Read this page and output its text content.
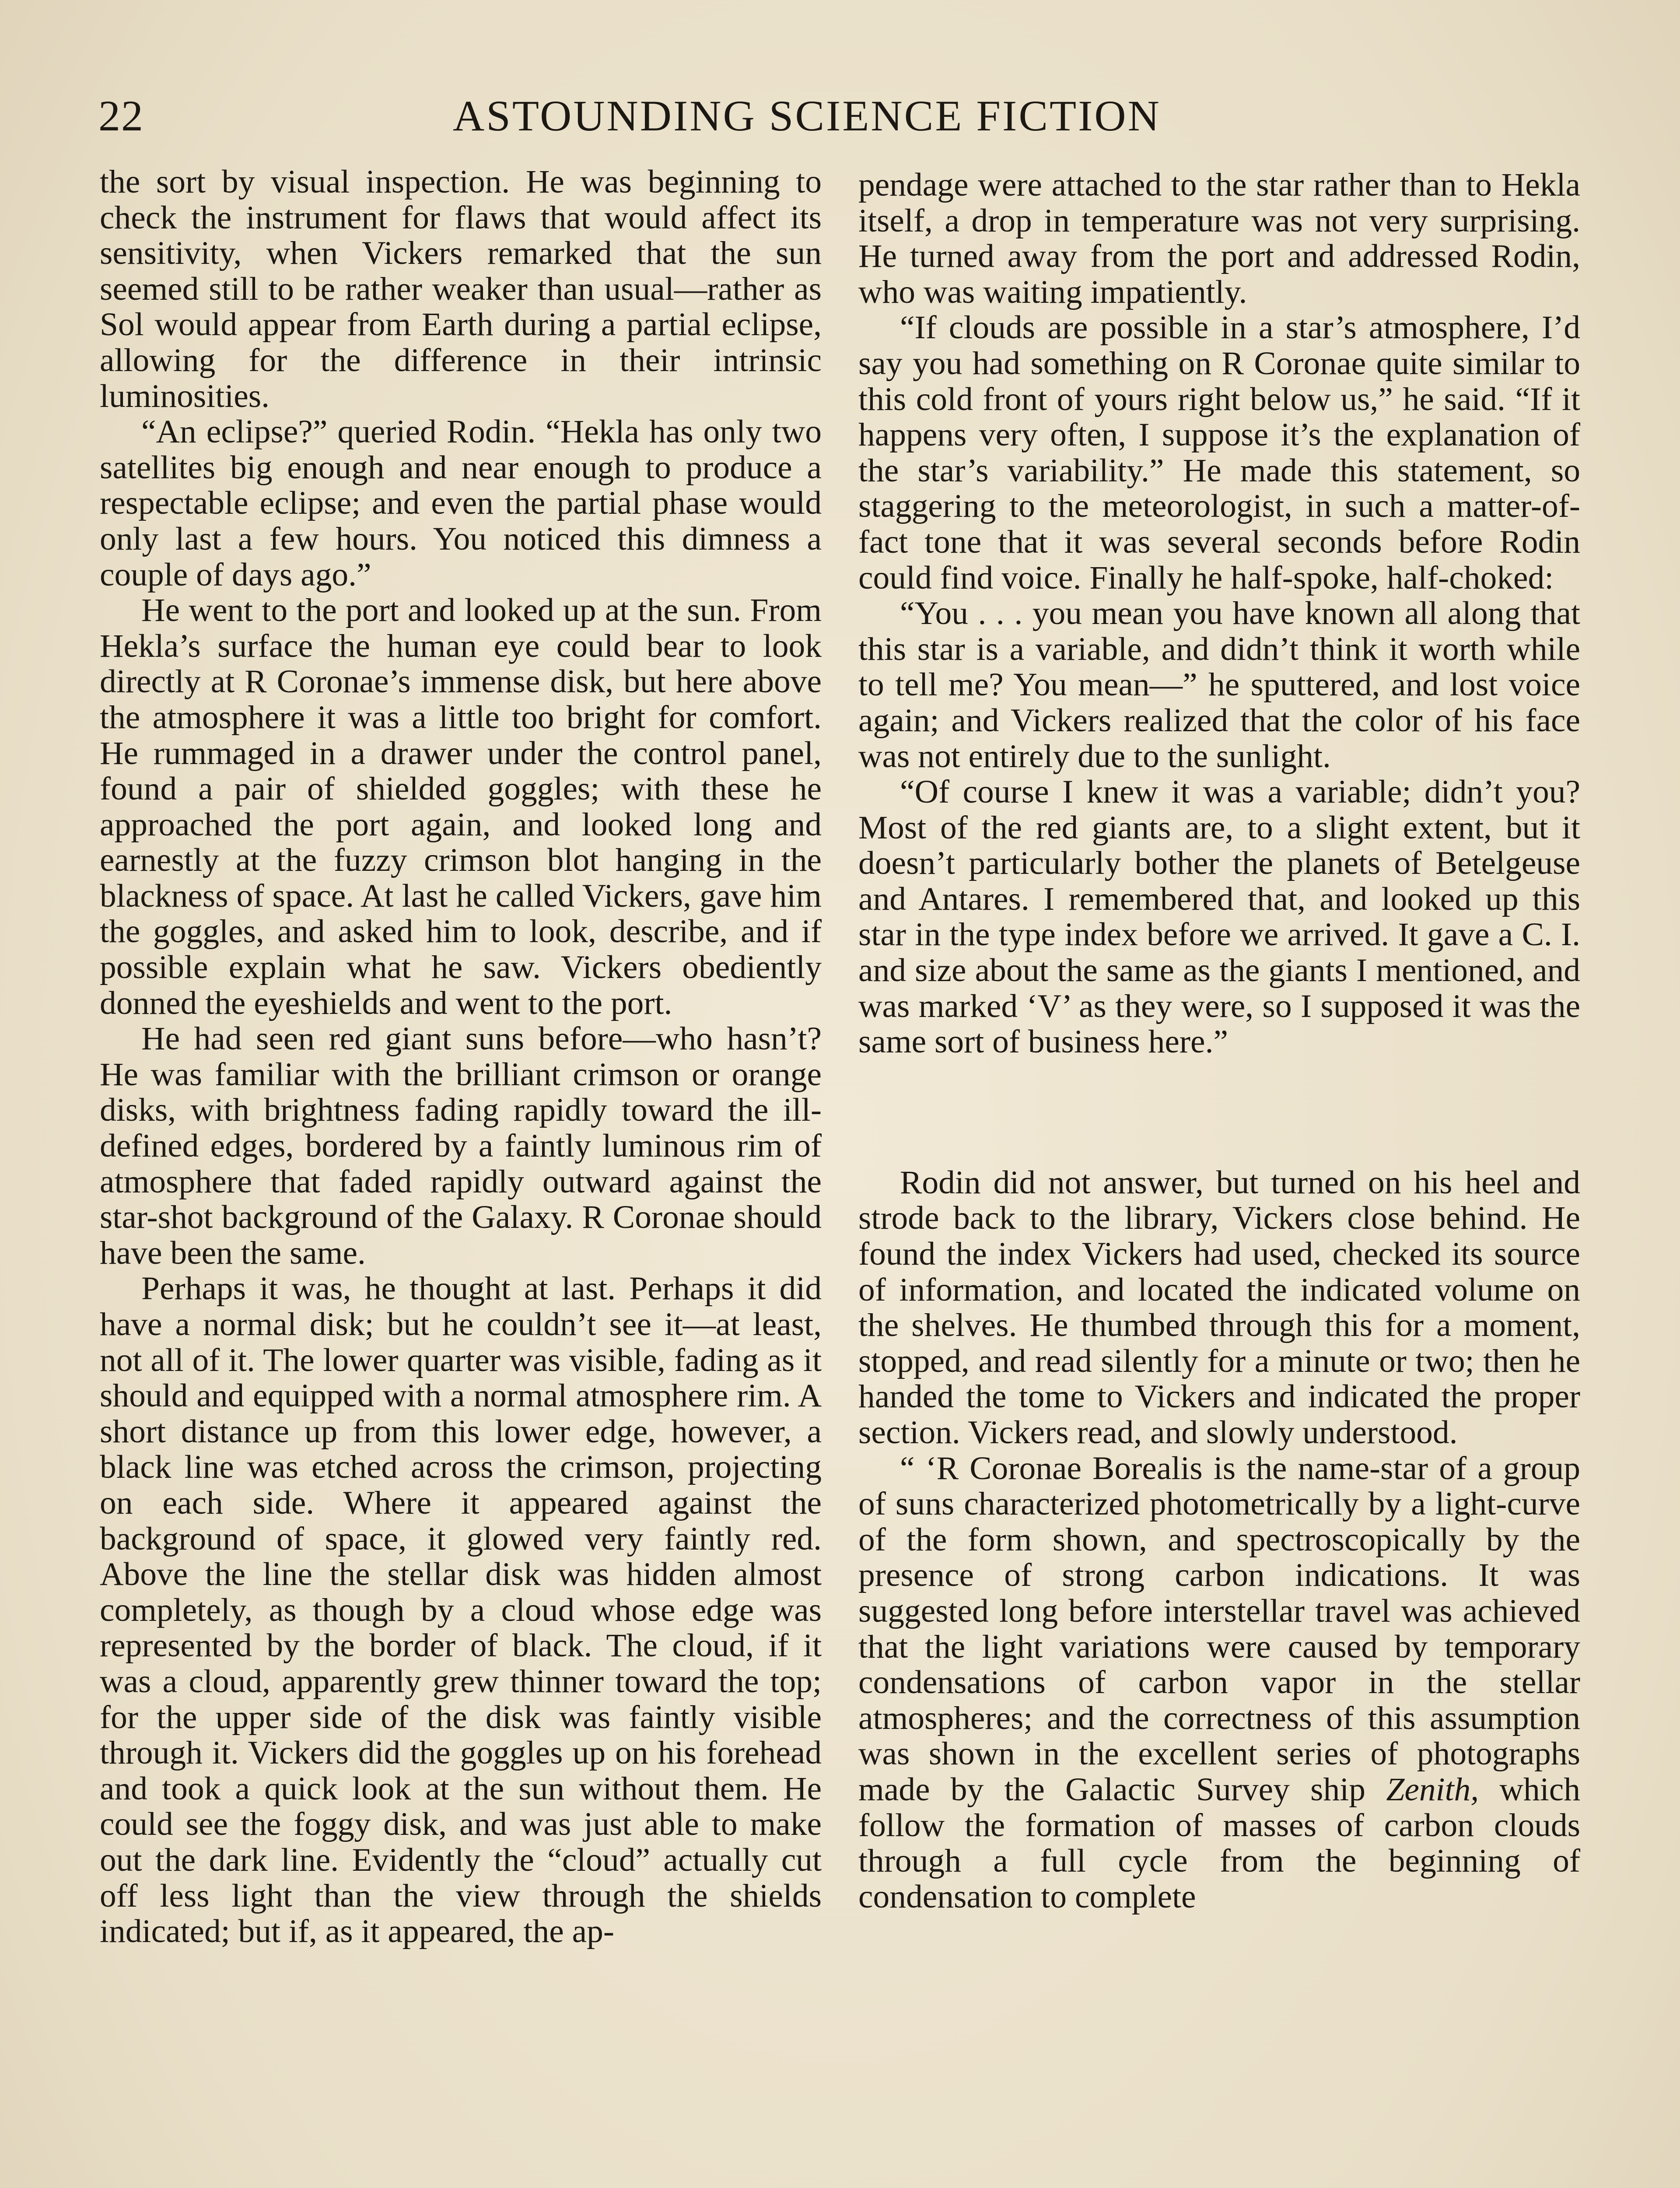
22	ASTOUNDING SCIENCE FICTION

the sort by visual inspection. He was beginning to check the instrument for flaws that would affect its sensitivity, when Vickers remarked that the sun seemed still to be rather weaker than usual—rather as Sol would appear from Earth during a partial eclipse, allowing for the difference in their intrinsic luminosities.

“An eclipse?” queried Rodin. “Hekla has only two satellites big enough and near enough to produce a respectable eclipse; and even the partial phase would only last a few hours. You noticed this dimness a couple of days ago.”

He went to the port and looked up at the sun. From Hekla’s surface the human eye could bear to look directly at R Coronae’s immense disk, but here above the atmosphere it was a little too bright for comfort. He rummaged in a drawer under the control panel, found a pair of shielded goggles; with these he approached the port again, and looked long and earnestly at the fuzzy crimson blot hanging in the blackness of space. At last he called Vickers, gave him the goggles, and asked him to look, describe, and if possible explain what he saw. Vickers obediently donned the eyeshields and went to the port.

He had seen red giant suns before—who hasn’t? He was familiar with the brilliant crimson or orange disks, with brightness fading rapidly toward the ill-defined edges, bordered by a faintly luminous rim of atmosphere that faded rapidly outward against the star-shot background of the Galaxy. R Coronae should have been the same.

Perhaps it was, he thought at last. Perhaps it did have a normal disk; but he couldn’t see it—at least, not all of it. The lower quarter was visible, fading as it should and equipped with a normal atmosphere rim. A short distance up from this lower edge, however, a black line was etched across the crimson, projecting on each side. Where it appeared against the background of space, it glowed very faintly red. Above the line the stellar disk was hidden almost completely, as though by a cloud whose edge was represented by the border of black. The cloud, if it was a cloud, apparently grew thinner toward the top; for the upper side of the disk was faintly visible through it. Vickers did the goggles up on his forehead and took a quick look at the sun without them. He could see the foggy disk, and was just able to make out the dark line. Evidently the “cloud” actually cut off less light than the view through the shields indicated; but if, as it appeared, the ap-

pendage were attached to the star rather than to Hekla itself, a drop in temperature was not very surprising. He turned away from the port and addressed Rodin, who was waiting impatiently.

“If clouds are possible in a star’s atmosphere, I’d say you had something on R Coronae quite similar to this cold front of yours right below us,” he said. “If it happens very often, I suppose it’s the explanation of the star’s variability.” He made this statement, so staggering to the meteorologist, in such a matter-of-fact tone that it was several seconds before Rodin could find voice. Finally he half-spoke, half-choked:

“You . . . you mean you have known all along that this star is a variable, and didn’t think it worth while to tell me? You mean—” he sputtered, and lost voice again; and Vickers realized that the color of his face was not entirely due to the sunlight.

“Of course I knew it was a variable; didn’t you? Most of the red giants are, to a slight extent, but it doesn’t particularly bother the planets of Betelgeuse and Antares. I remembered that, and looked up this star in the type index before we arrived. It gave a C. I. and size about the same as the giants I mentioned, and was marked ‘V’ as they were, so I supposed it was the same sort of business here.”

Rodin did not answer, but turned on his heel and strode back to the library, Vickers close behind. He found the index Vickers had used, checked its source of information, and located the indicated volume on the shelves. He thumbed through this for a moment, stopped, and read silently for a minute or two; then he handed the tome to Vickers and indicated the proper section. Vickers read, and slowly understood.

“ ‘R Coronae Borealis is the name-star of a group of suns characterized photometrically by a light-curve of the form shown, and spectroscopically by the presence of strong carbon indications. It was suggested long before interstellar travel was achieved that the light variations were caused by temporary condensations of carbon vapor in the stellar atmospheres; and the correctness of this assumption was shown in the excellent series of photographs made by the Galactic Survey ship Zenith, which follow the formation of masses of carbon clouds through a full cycle from the beginning of condensation to complete
